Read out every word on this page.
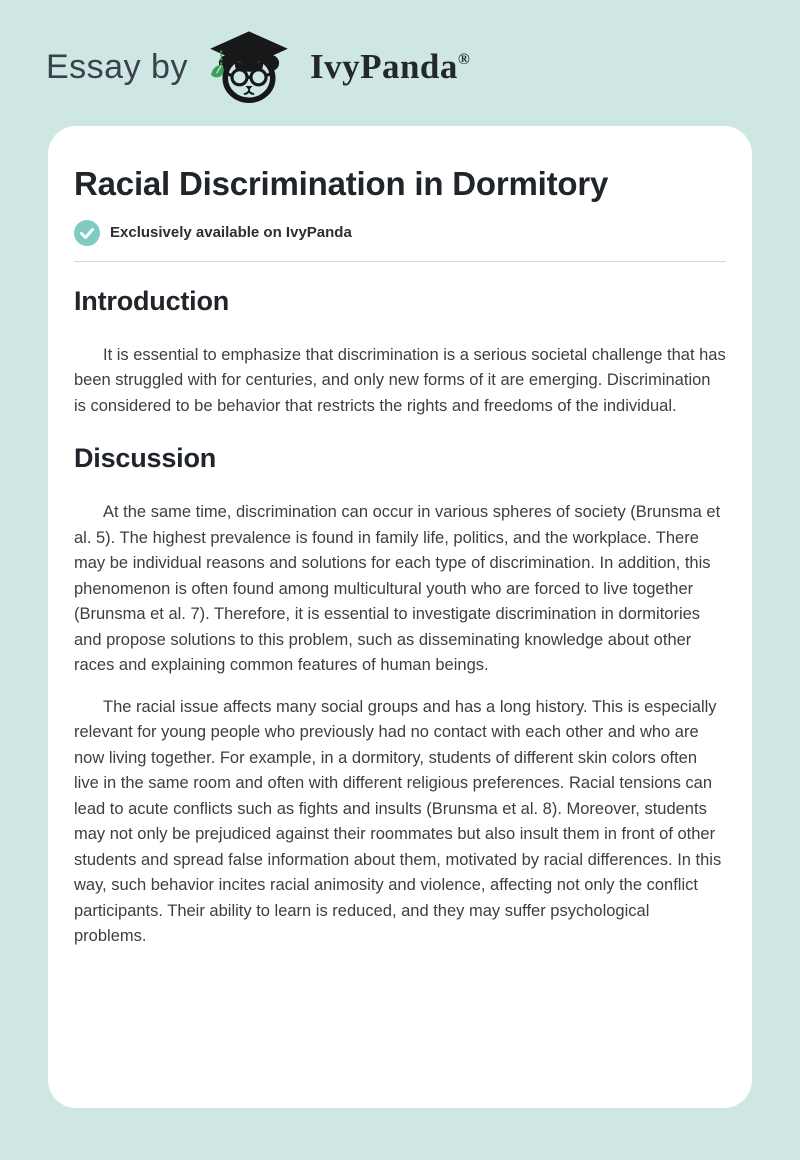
Essay by	IvyPanda®
Racial Discrimination in Dormitory
Exclusively available on IvyPanda
Introduction

It is essential to emphasize that discrimination is a serious societal challenge that has been struggled with for centuries, and only new forms of it are emerging. Discrimination is considered to be behavior that restricts the rights and freedoms of the individual.

Discussion

At the same time, discrimination can occur in various spheres of society (Brunsma et al. 5). The highest prevalence is found in family life, politics, and the workplace. There may be individual reasons and solutions for each type of discrimination. In addition, this phenomenon is often found among multicultural youth who are forced to live together (Brunsma et al. 7). Therefore, it is essential to investigate discrimination in dormitories and propose solutions to this problem, such as disseminating knowledge about other races and explaining common features of human beings.

The racial issue affects many social groups and has a long history. This is especially relevant for young people who previously had no contact with each other and who are now living together. For example, in a dormitory, students of different skin colors often live in the same room and often with different religious preferences. Racial tensions can lead to acute conflicts such as fights and insults (Brunsma et al. 8). Moreover, students may not only be prejudiced against their roommates but also insult them in front of other students and spread false information about them, motivated by racial differences. In this way, such behavior incites racial animosity and violence, affecting not only the conflict participants. Their ability to learn is reduced, and they may suffer psychological problems.
